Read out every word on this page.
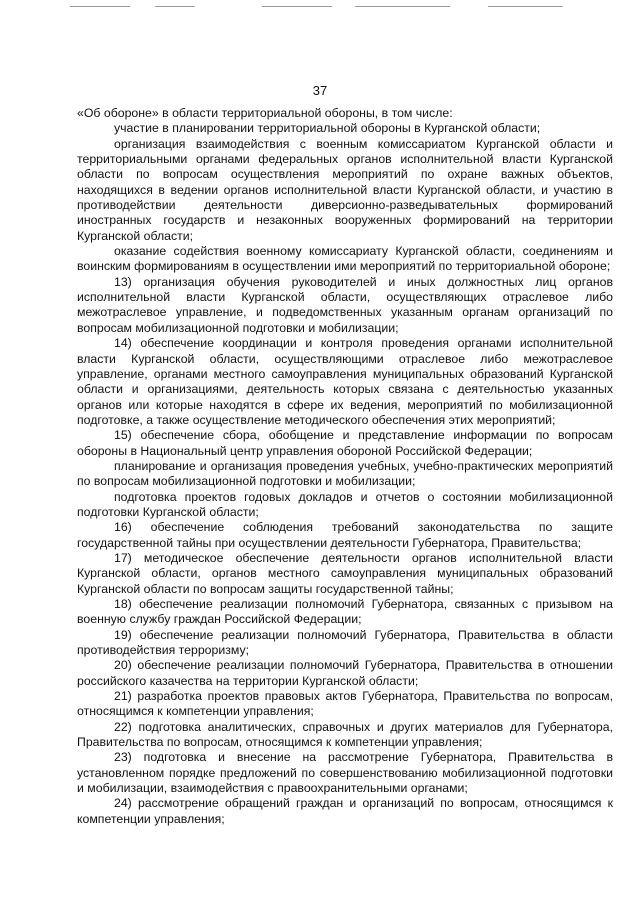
37

«Об обороне» в области территориальной обороны, в том числе:

участие в планировании территориальной обороны в Курганской области;

организация взаимодействия с военным комиссариатом Курганской области и территориальными органами федеральных органов исполнительной власти Курганской области по вопросам осуществления мероприятий по охране важных объектов, находящихся в ведении органов исполнительной власти Курганской области, и участию в противодействии деятельности диверсионно-разведывательных формирований иностранных государств и незаконных вооруженных формирований на территории Курганской области;

оказание содействия военному комиссариату Курганской области, соединениям и воинским формированиям в осуществлении ими мероприятий по территориальной обороне;

13) организация обучения руководителей и иных должностных лиц органов исполнительной власти Курганской области, осуществляющих отраслевое либо межотраслевое управление, и подведомственных указанным органам организаций по вопросам мобилизационной подготовки и мобилизации;

14) обеспечение координации и контроля проведения органами исполнительной власти Курганской области, осуществляющими отраслевое либо межотраслевое управление, органами местного самоуправления муниципальных образований Курганской области и организациями, деятельность которых связана с деятельностью указанных органов или которые находятся в сфере их ведения, мероприятий по мобилизационной подготовке, а также осуществление методического обеспечения этих мероприятий;

15) обеспечение сбора, обобщение и представление информации по вопросам обороны в Национальный центр управления обороной Российской Федерации;

планирование и организация проведения учебных, учебно-практических мероприятий по вопросам мобилизационной подготовки и мобилизации;

подготовка проектов годовых докладов и отчетов о состоянии мобилизационной подготовки Курганской области;

16) обеспечение соблюдения требований законодательства по защите государственной тайны при осуществлении деятельности Губернатора, Правительства;

17) методическое обеспечение деятельности органов исполнительной власти Курганской области, органов местного самоуправления муниципальных образований Курганской области по вопросам защиты государственной тайны;

18) обеспечение реализации полномочий Губернатора, связанных с призывом на военную службу граждан Российской Федерации;

19) обеспечение реализации полномочий Губернатора, Правительства в области противодействия терроризму;

20) обеспечение реализации полномочий Губернатора, Правительства в отношении российского казачества на территории Курганской области;

21) разработка проектов правовых актов Губернатора, Правительства по вопросам, относящимся к компетенции управления;

22) подготовка аналитических, справочных и других материалов для Губернатора, Правительства по вопросам, относящимся к компетенции управления;

23) подготовка и внесение на рассмотрение Губернатора, Правительства в установленном порядке предложений по совершенствованию мобилизационной подготовки и мобилизации, взаимодействия с правоохранительными органами;

24) рассмотрение обращений граждан и организаций по вопросам, относящимся к компетенции управления;
